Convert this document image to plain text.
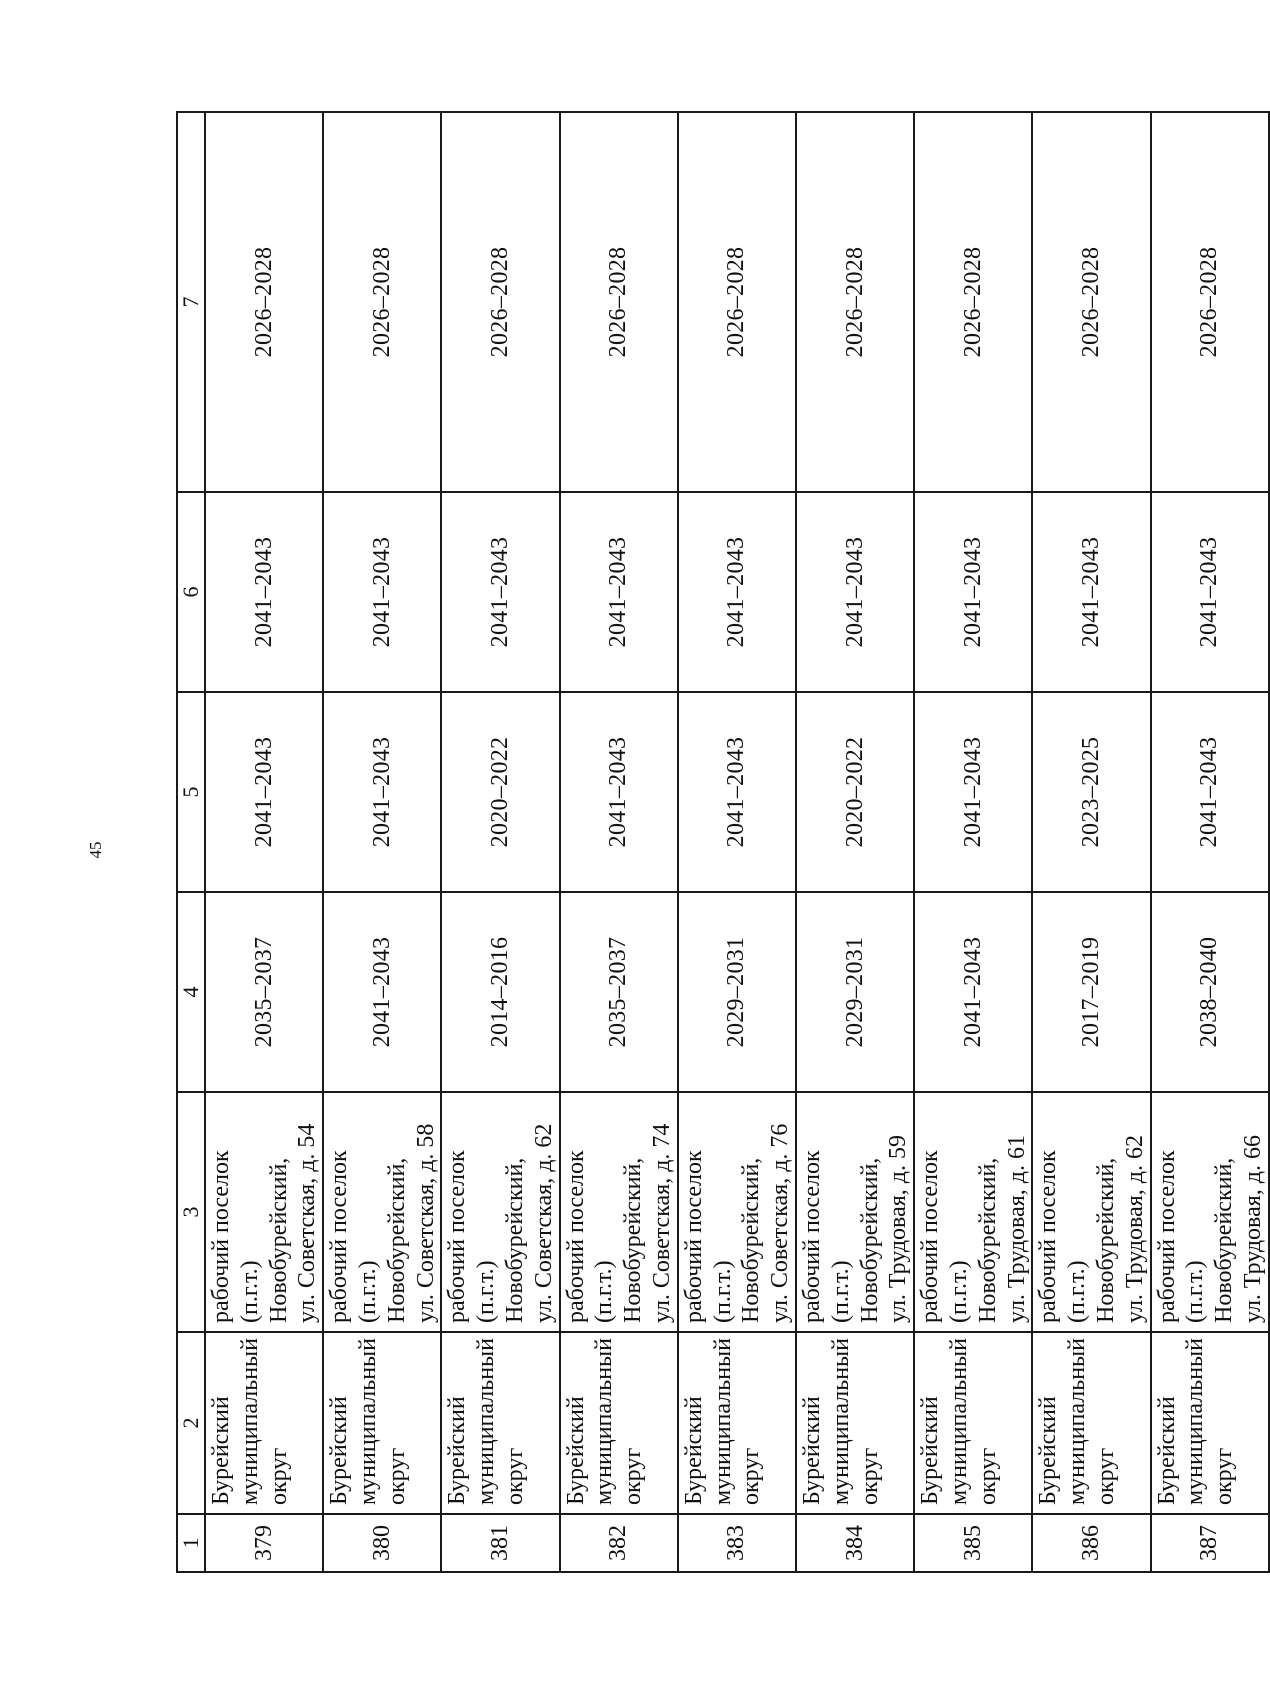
45
1	2	3	4	5	6	7
379	Бурейский муниципальный округ	рабочий поселок (п.г.т.) Новобурейский, ул. Советская, д. 54	2035–2037	2041–2043	2041–2043	2026–2028
380	Бурейский муниципальный округ	рабочий поселок (п.г.т.) Новобурейский, ул. Советская, д. 58	2041–2043	2041–2043	2041–2043	2026–2028
381	Бурейский муниципальный округ	рабочий поселок (п.г.т.) Новобурейский, ул. Советская, д. 62	2014–2016	2020–2022	2041–2043	2026–2028
382	Бурейский муниципальный округ	рабочий поселок (п.г.т.) Новобурейский, ул. Советская, д. 74	2035–2037	2041–2043	2041–2043	2026–2028
383	Бурейский муниципальный округ	рабочий поселок (п.г.т.) Новобурейский, ул. Советская, д. 76	2029–2031	2041–2043	2041–2043	2026–2028
384	Бурейский муниципальный округ	рабочий поселок (п.г.т.) Новобурейский, ул. Трудовая, д. 59	2029–2031	2020–2022	2041–2043	2026–2028
385	Бурейский муниципальный округ	рабочий поселок (п.г.т.) Новобурейский, ул. Трудовая, д. 61	2041–2043	2041–2043	2041–2043	2026–2028
386	Бурейский муниципальный округ	рабочий поселок (п.г.т.) Новобурейский, ул. Трудовая, д. 62	2017–2019	2023–2025	2041–2043	2026–2028
387	Бурейский муниципальный округ	рабочий поселок (п.г.т.) Новобурейский, ул. Трудовая, д. 66	2038–2040	2041–2043	2041–2043	2026–2028
